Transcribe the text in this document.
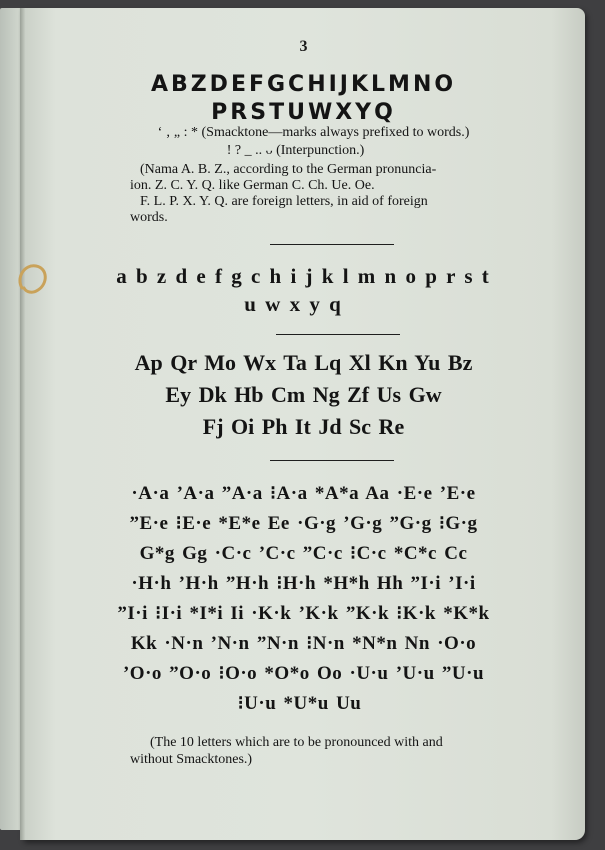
3
ABZDEFGCHIJKLMNO
PRSTUWXYQ
ʻ ‚ „ : * (Smacktone—marks always prefixed to words.)
! ? _ .. ᴗ (Interpunction.)

(Nama A. B. Z., according to the German pronuncia-

ion. Z. C. Y. Q. like German C. Ch. Ue. Oe.

F. L. P. X. Y. Q. are foreign letters, in aid of foreign

words.

a b z d e f g c h i j k l m n o p r s t
u w x y q
Ap Qr Mo Wx Ta Lq Xl Kn Yu Bz
Ey Dk Hb Cm Ng Zf Us Gw
Fj Oi Ph It Jd Sc Re
·A·a ʼA·a ˮA·a ⁝A·a *A*a Aa ·E·e ʼE·e
ˮE·e ⁝E·e *E*e Ee ·G·g ʼG·g ˮG·g ⁝G·g
G*g Gg ·C·c ʼC·c ˮC·c ⁝C·c *C*c Cc
·H·h ʼH·h ˮH·h ⁝H·h *H*h Hh ˮI·i ʼI·i
ˮI·i ⁝I·i *I*i Ii ·K·k ʼK·k ˮK·k ⁝K·k *K*k
Kk ·N·n ʼN·n ˮN·n ⁝N·n *N*n Nn ·O·o
ʼO·o ˮO·o ⁝O·o *O*o Oo ·U·u ʼU·u ˮU·u
⁝U·u *U*u Uu

(The 10 letters which are to be pronounced with and

without Smacktones.)
